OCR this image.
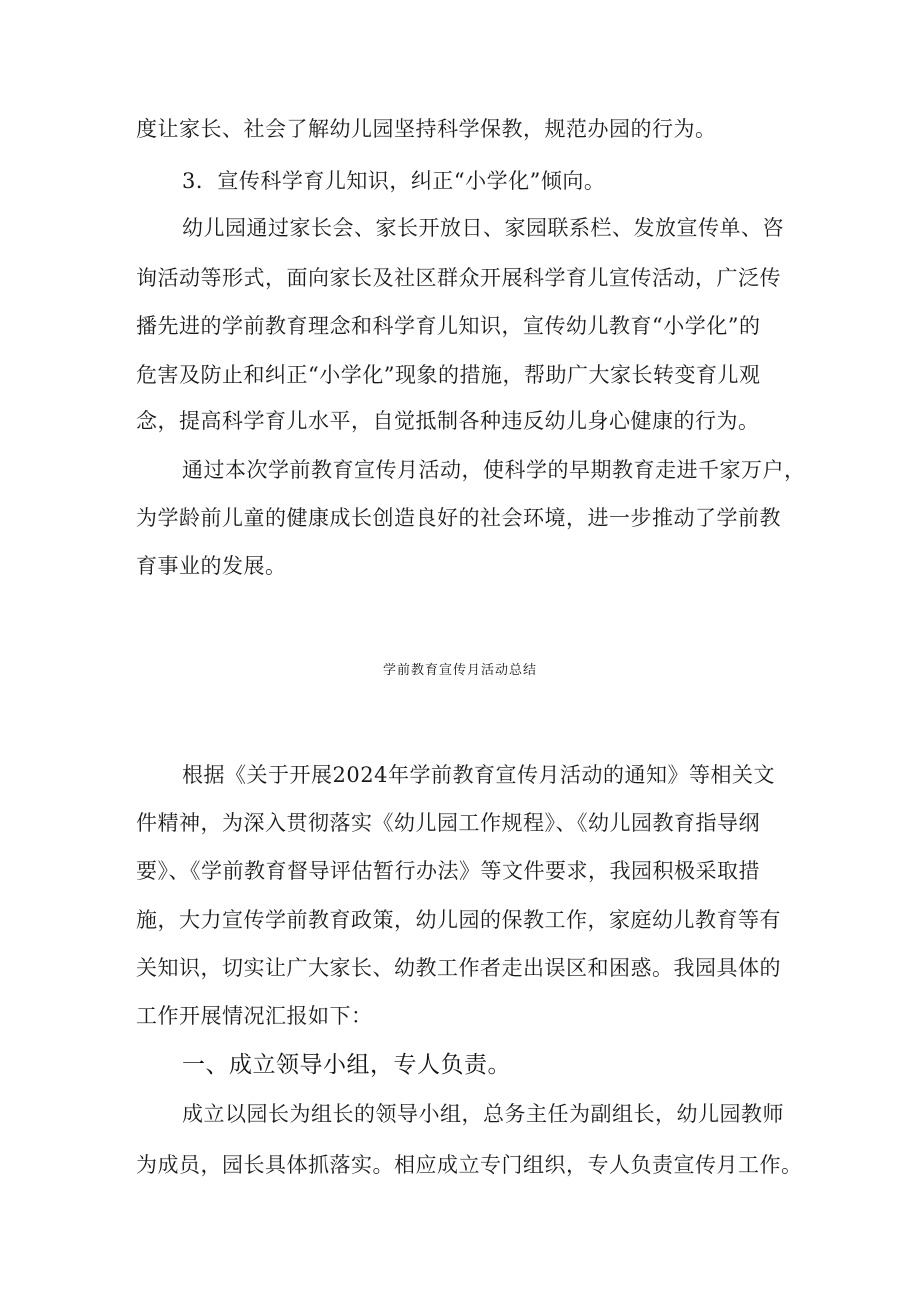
度让家长、社会了解幼儿园坚持科学保教，规范办园的行为。
3．宣传科学育儿知识，纠正“小学化”倾向。
幼儿园通过家长会、家长开放日、家园联系栏、发放宣传单、咨
询活动等形式，面向家长及社区群众开展科学育儿宣传活动，广泛传
播先进的学前教育理念和科学育儿知识，宣传幼儿教育“小学化”的
危害及防止和纠正“小学化”现象的措施，帮助广大家长转变育儿观
念，提高科学育儿水平，自觉抵制各种违反幼儿身心健康的行为。
通过本次学前教育宣传月活动，使科学的早期教育走进千家万户，
为学龄前儿童的健康成长创造良好的社会环境，进一步推动了学前教
育事业的发展。
学前教育宣传月活动总结
根据《关于开展2024年学前教育宣传月活动的通知》等相关文
件精神，为深入贯彻落实《幼儿园工作规程》、《幼儿园教育指导纲
要》、《学前教育督导评估暂行办法》等文件要求，我园积极采取措
施，大力宣传学前教育政策，幼儿园的保教工作，家庭幼儿教育等有
关知识，切实让广大家长、幼教工作者走出误区和困惑。我园具体的
工作开展情况汇报如下：
一、成立领导小组，专人负责。
成立以园长为组长的领导小组，总务主任为副组长，幼儿园教师
为成员，园长具体抓落实。相应成立专门组织，专人负责宣传月工作。
